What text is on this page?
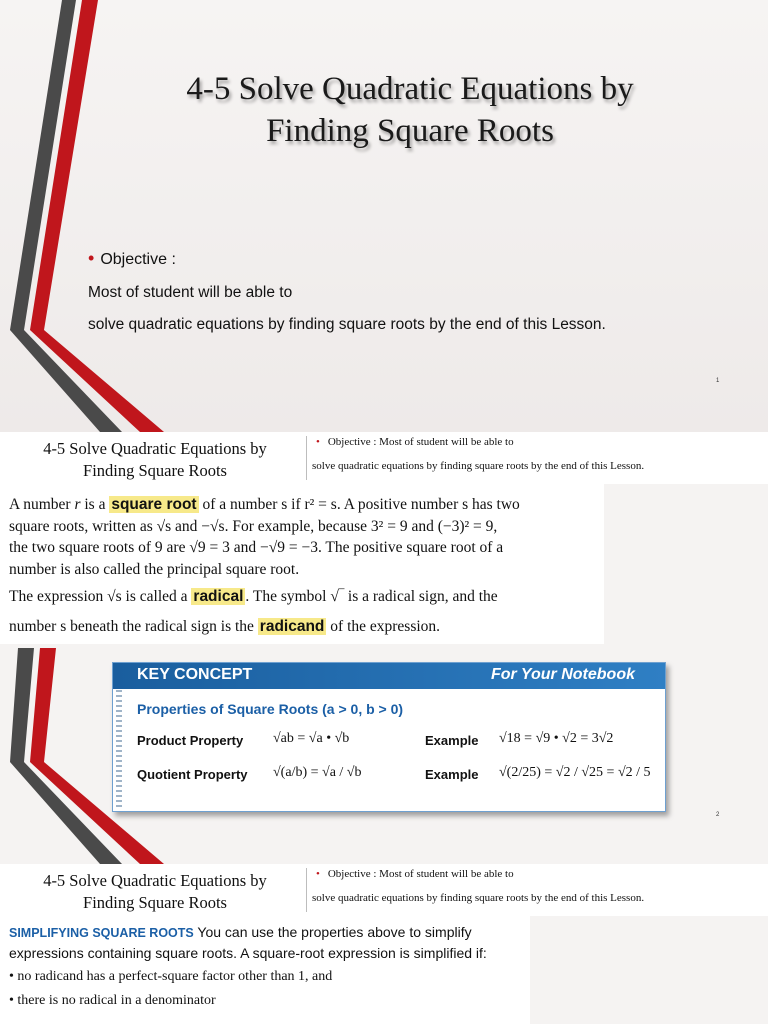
4-5 Solve Quadratic Equations by
Finding Square Roots
• Objective :
Most of student will be able to
solve quadratic equations by finding square roots by the end of this Lesson.
1
4-5 Solve Quadratic Equations by
Finding Square Roots
• Objective : Most of student will be able to
solve quadratic equations by finding square roots by the end of this Lesson.
A number r is a square root of a number s if r² = s. A positive number s has two
square roots, written as √s and −√s. For example, because 3² = 9 and (−3)² = 9,
the two square roots of 9 are √9 = 3 and −√9 = −3. The positive square root of a
number is also called the principal square root.
The expression √s is called a radical . The symbol √‾ is a radical sign, and the
number s beneath the radical sign is the radicand of the expression.
KEY CONCEPT	For Your Notebook
Properties of Square Roots (a > 0, b > 0)
Product Property √ab = √a • √b	Example √18 = √9 • √2 = 3√2
Quotient Property √(a/b) = √a / √b	Example √(2/25) = √2 / √25 = √2 / 5
2
4-5 Solve Quadratic Equations by
Finding Square Roots
• Objective : Most of student will be able to
solve quadratic equations by finding square roots by the end of this Lesson.
SIMPLIFYING SQUARE ROOTS You can use the properties above to simplify
expressions containing square roots. A square-root expression is simplified if:
• no radicand has a perfect-square factor other than 1, and
• there is no radical in a denominator
